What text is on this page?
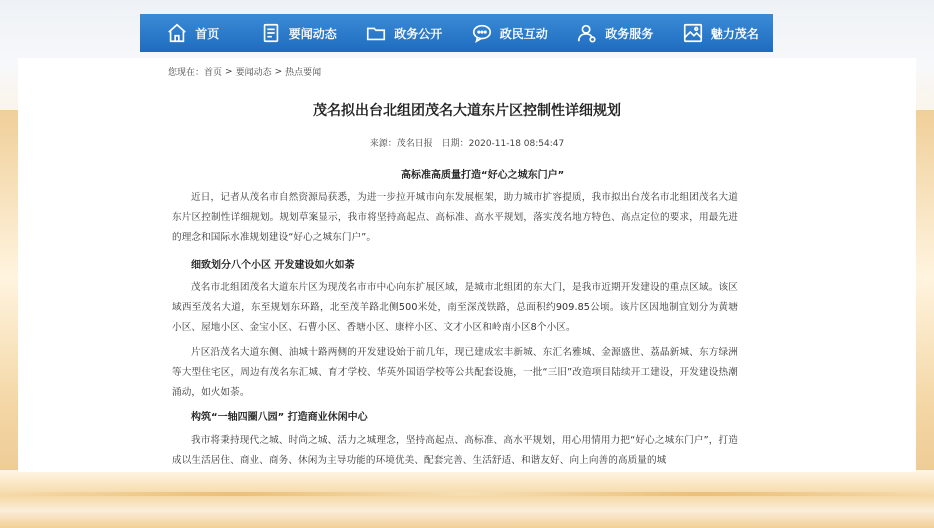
首页	要闻动态	政务公开	政民互动	政务服务	魅力茂名
您现在： 首页 > 要闻动态 > 热点要闻
茂名拟出台北组团茂名大道东片区控制性详细规划
来源：茂名日报 日期：2020-11-18 08:54:47
高标准高质量打造“好心之城东门户”
近日，记者从茂名市自然资源局获悉，为进一步拉开城市向东发展框架，助力城市扩容提质，我市拟出台茂名市北组团茂名大道东片区控制性详细规划。规划草案显示，我市将坚持高起点、高标准、高水平规划，落实茂名地方特色、高点定位的要求，用最先进的理念和国际水准规划建设“好心之城东门户”。
细致划分八个小区 开发建设如火如荼
茂名市北组团茂名大道东片区为现茂名市市中心向东扩展区域，是城市北组团的东大门，是我市近期开发建设的重点区域。该区域西至茂名大道，东至规划东环路，北至茂羊路北侧500米处，南至深茂铁路，总面积约909.85公顷。该片区因地制宜划分为黄塘小区、屋地小区、金宝小区、石曹小区、香塘小区、康梓小区、文才小区和岭南小区8个小区。
片区沿茂名大道东侧、油城十路两侧的开发建设始于前几年，现已建成宏丰新城、东汇名雅城、金源盛世、荔晶新城、东方绿洲等大型住宅区，周边有茂名东汇城、育才学校、华英外国语学校等公共配套设施，一批“三旧”改造项目陆续开工建设，开发建设热潮涌动，如火如荼。
构筑“一轴四圈八园” 打造商业休闲中心
我市将秉持现代之城、时尚之城、活力之城理念，坚持高起点、高标准、高水平规划，用心用情用力把“好心之城东门户”，打造成以生活居住、商业、商务、休闲为主导功能的环境优美、配套完善、生活舒适、和谐友好、向上向善的高质量的城
